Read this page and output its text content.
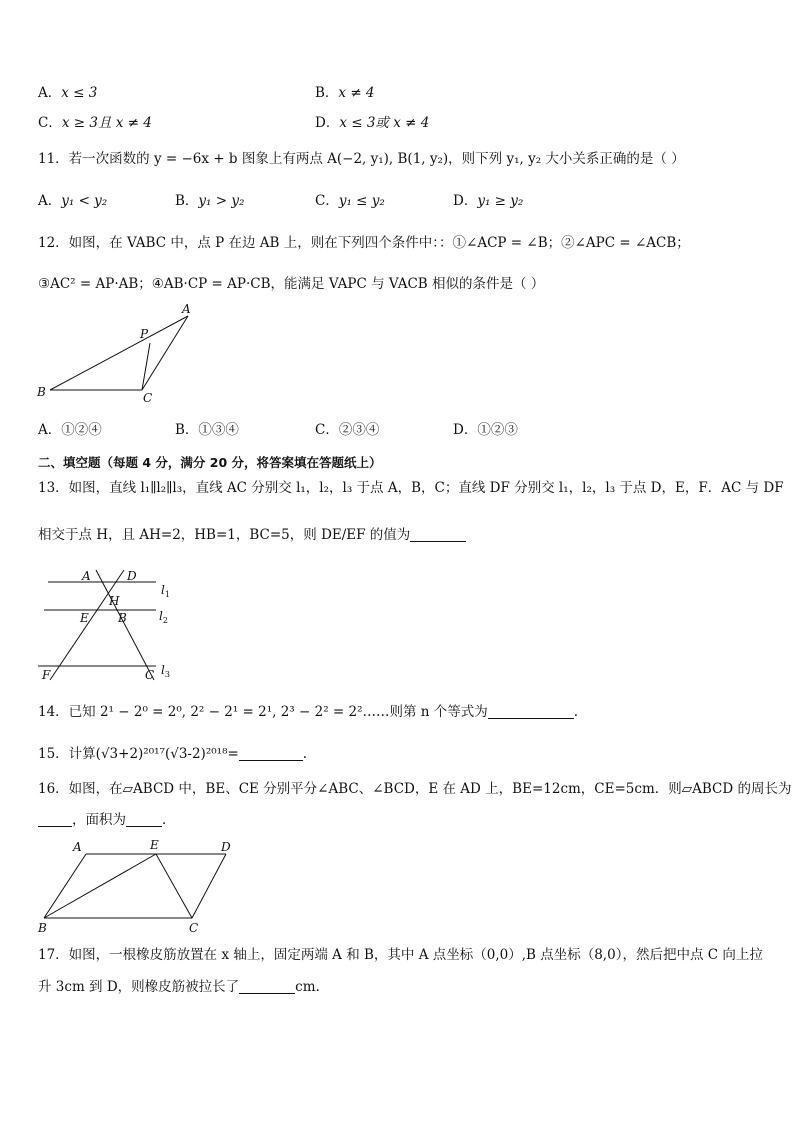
A．x ≤ 3	B．x ≠ 4
C．x ≥ 3且 x ≠ 4	D．x ≤ 3或 x ≠ 4
11．若一次函数的 y = −6x + b 图象上有两点 A(−2, y₁), B(1, y₂)，则下列 y₁, y₂ 大小关系正确的是（ ）
A．y₁ < y₂	B．y₁ > y₂	C．y₁ ≤ y₂	D．y₁ ≥ y₂
12．如图，在 VABC 中，点 P 在边 AB 上，则在下列四个条件中：：①∠ACP = ∠B；②∠APC = ∠ACB；
③AC² = AP·AB；④AB·CP = AP·CB，能满足 VAPC 与 VACB 相似的条件是（ ）
A
P
B	C
A．①②④	B．①③④	C．②③④	D．①②③
二、填空题（每题 4 分，满分 20 分，将答案填在答题纸上）
13．如图，直线 l₁∥l₂∥l₃，直线 AC 分别交 l₁，l₂，l₃ 于点 A，B，C；直线 DF 分别交 l₁，l₂，l₃ 于点 D，E，F．AC 与 DF
相交于点 H，且 AH=2，HB=1，BC=5，则 DE/EF 的值为
A	D
H
E B
F	C
$l_1$
$l_2$
$l_3$
14．已知 2¹ − 2⁰ = 2⁰, 2² − 2¹ = 2¹, 2³ − 2² = 2²……则第 n 个等式为	.
15．计算(√3+2)²⁰¹⁷(√3-2)²⁰¹⁸=	.
16．如图，在▱ABCD 中，BE、CE 分别平分∠ABC、∠BCD，E 在 AD 上，BE=12cm，CE=5cm．则▱ABCD 的周长为
，面积为	．
A	E	D
B	C
17．如图，一根橡皮筋放置在 x 轴上，固定两端 A 和 B，其中 A 点坐标（0,0）,B 点坐标（8,0），然后把中点 C 向上拉
升 3cm 到 D，则橡皮筋被拉长了	cm.
